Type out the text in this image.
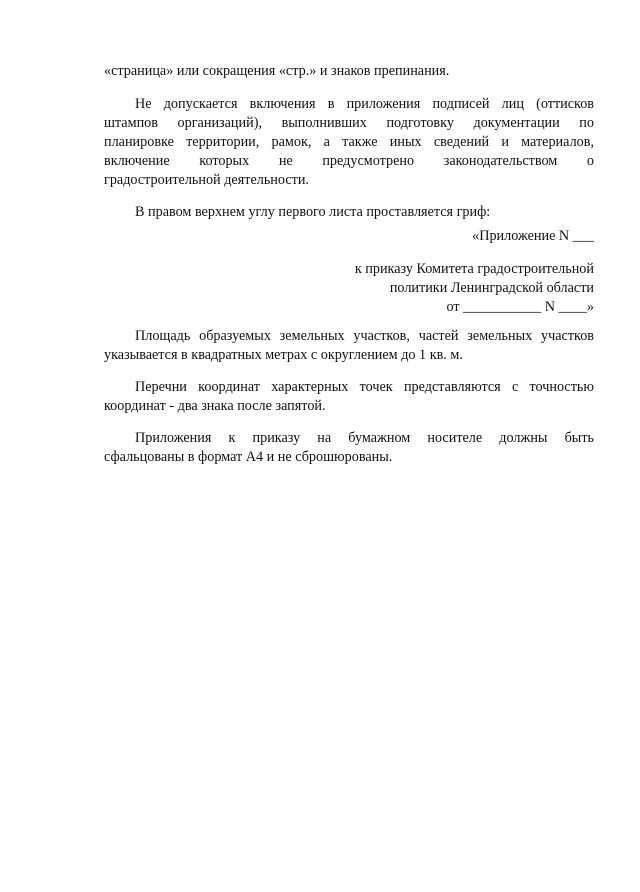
«страница» или сокращения «стр.» и знаков препинания.
Не допускается включения в приложения подписей лиц (оттисков
штампов организаций), выполнивших подготовку документации по
планировке территории, рамок, а также иных сведений и материалов,
включение которых не предусмотрено законодательством о
градостроительной деятельности.
В правом верхнем углу первого листа проставляется гриф:
«Приложение N ___
к приказу Комитета градостроительной
политики Ленинградской области
от ___________ N ____»
Площадь образуемых земельных участков, частей земельных участков
указывается в квадратных метрах с округлением до 1 кв. м.
Перечни координат характерных точек представляются с точностью
координат - два знака после запятой.
Приложения к приказу на бумажном носителе должны быть
сфальцованы в формат А4 и не сброшюрованы.
